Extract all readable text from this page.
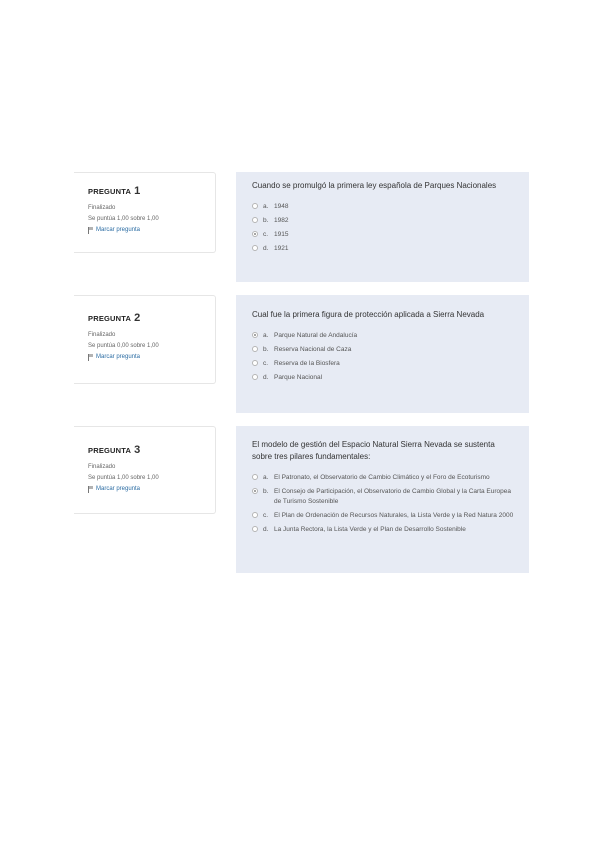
PREGUNTA 1
Finalizado
Se puntúa 1,00 sobre 1,00
Marcar pregunta
Cuando se promulgó la primera ley española de Parques Nacionales
a. 1948
b. 1982
c. 1915
d. 1921
PREGUNTA 2
Finalizado
Se puntúa 0,00 sobre 1,00
Marcar pregunta
Cual fue la primera figura de protección aplicada a Sierra Nevada
a. Parque Natural de Andalucía
b. Reserva Nacional de Caza
c. Reserva de la Biosfera
d. Parque Nacional
PREGUNTA 3
Finalizado
Se puntúa 1,00 sobre 1,00
Marcar pregunta
El modelo de gestión del Espacio Natural Sierra Nevada se sustenta sobre tres pilares fundamentales:
a. El Patronato, el Observatorio de Cambio Climático y el Foro de Ecoturismo
b. El Consejo de Participación, el Observatorio de Cambio Global y la Carta Europea de Turismo Sostenible
c. El Plan de Ordenación de Recursos Naturales, la Lista Verde y la Red Natura 2000
d. La Junta Rectora, la Lista Verde y el Plan de Desarrollo Sostenible
